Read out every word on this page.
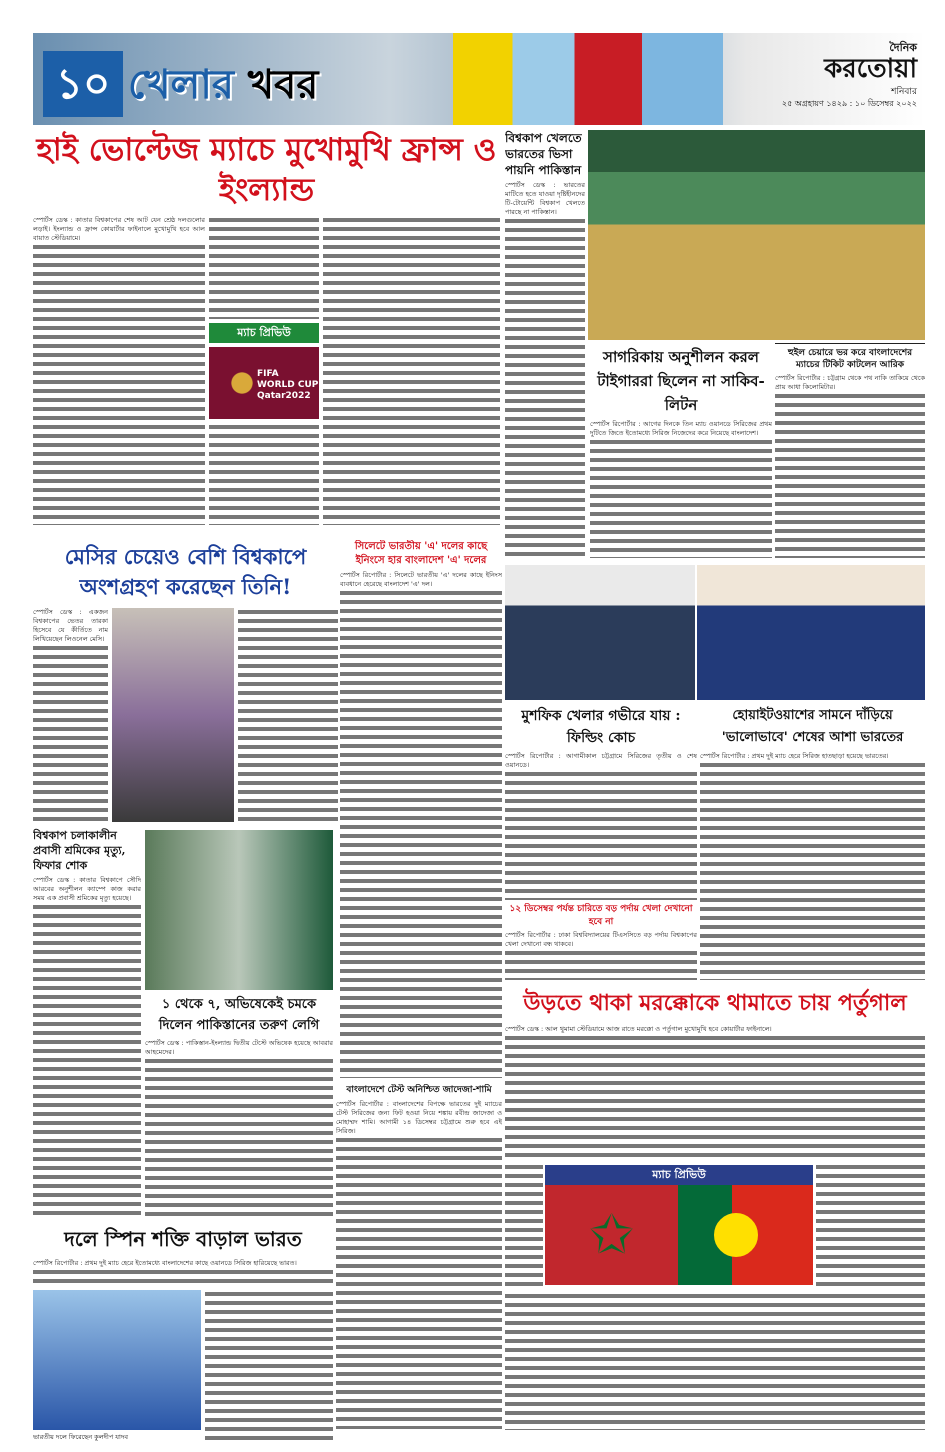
১০ খেলার খবর
দৈনিক
করতোয়া
শনিবার
২৫ অগ্রহায়ণ ১৪২৯ : ১০ ডিসেম্বর ২০২২
হাই ভোল্টেজ ম্যাচে মুখোমুখি ফ্রান্স ও ইংল্যান্ড
স্পোর্টস ডেস্ক : কাতার বিশ্বকাপের শেষ আট যেন শ্রেষ্ঠ দলগুলোর লড়াই। ইংল্যান্ড ও ফ্রান্স কোয়ার্টার ফাইনালে মুখোমুখি হবে আল বায়াত স্টেডিয়ামে।
ম্যাচ প্রিভিউ
FIFA WORLD CUP Qatar2022
বিশ্বকাপ খেলতে ভারতের ভিসা পায়নি পাকিস্তান
স্পোর্টস ডেস্ক : ভারতের মাটিতে হতে যাওয়া দৃষ্টিহীনদের টি-টোয়েন্টি বিশ্বকাপ খেলতে পারছে না পাকিস্তান।
সাগরিকায় অনুশীলন করল টাইগাররা ছিলেন না সাকিব-লিটন
স্পোর্টস রিপোর্টার : আগের দিনকে তিন ম্যাচ ওয়ানডে সিরিজের প্রথম দুটিতে জিতে ইতোমধ্যে সিরিজ নিজেদের করে নিয়েছে বাংলাদেশ।
হুইল চেয়ারে ভর করে বাংলাদেশের ম্যাচের টিকিট কাটলেন আরিক
স্পোর্টস রিপোর্টার : চট্টগ্রাম থেকে পথ নাকি তাকিয়ে থেকে প্রায় আধা কিলোমিটার।
মেসির চেয়েও বেশি বিশ্বকাপে অংশগ্রহণ করেছেন তিনি!
স্পোর্টস ডেস্ক : একজন বিশ্বকাপের ভেতর তারকা হিসেবে যে কীর্তিতে নাম লিখিয়েছেন লিওনেল মেসি।
সিলেটে ভারতীয় 'এ' দলের কাছে ইনিংসে হার বাংলাদেশ 'এ' দলের
স্পোর্টস রিপোর্টার : সিলেটে ভারতীয় 'এ' দলের কাছে ইনিংস ব্যবধানে হেরেছে বাংলাদেশ 'এ' দল।
মুশফিক খেলার গভীরে যায় : ফিল্ডিং কোচ
স্পোর্টস রিপোর্টার : আগামীকাল চট্টগ্রামে সিরিজের তৃতীয় ও শেষ ওয়ানডে।
হোয়াইটওয়াশের সামনে দাঁড়িয়ে 'ভালোভাবে' শেষের আশা ভারতের
স্পোর্টস রিপোর্টার : প্রথম দুই ম্যাচ হেরে সিরিজ হাতছাড়া হয়েছে ভারতের।
১২ ডিসেম্বর পর্যন্ত চারিতে বড় পর্দায় খেলা দেখানো হবে না
স্পোর্টস রিপোর্টার : ঢাকা বিশ্ববিদ্যালয়ের টিএসসিতে বড় পর্দায় বিশ্বকাপের খেলা দেখানো বন্ধ থাকবে।
বিশ্বকাপ চলাকালীন প্রবাসী শ্রমিকের মৃত্যু, ফিফার শোক
স্পোর্টস ডেস্ক : কাতার বিশ্বকাপে সৌদি আরবের অনুশীলন ক্যাম্পে কাজ করার সময় এক প্রবাসী শ্রমিকের মৃত্যু হয়েছে।
১ থেকে ৭, অভিষেকেই চমকে দিলেন পাকিস্তানের তরুণ লেগি
স্পোর্টস ডেস্ক : পাকিস্তান-ইংল্যান্ড দ্বিতীয় টেস্টে অভিষেক হয়েছে আবরার আহমেদের।
বাংলাদেশে টেস্ট অনিশ্চিত জাদেজা-শামি
স্পোর্টস রিপোর্টার : বাংলাদেশের বিপক্ষে ভারতের দুই ম্যাচের টেস্ট সিরিজের জন্য ফিট হওয়া নিয়ে শঙ্কায় রবীন্দ্র জাদেজা ও মোহাম্মদ শামি। আগামী ১৪ ডিসেম্বর চট্টগ্রামে শুরু হবে এই সিরিজ।
উড়তে থাকা মরক্কোকে থামাতে চায় পর্তুগাল
স্পোর্টস ডেস্ক : আল থুমামা স্টেডিয়ামে আজ রাতে মরক্কো ও পর্তুগাল মুখোমুখি হবে কোয়ার্টার ফাইনালে।
ম্যাচ প্রিভিউ
✩
দলে স্পিন শক্তি বাড়াল ভারত
স্পোর্টস রিপোর্টার : প্রথম দুই ম্যাচ হেরে ইতোমধ্যে বাংলাদেশের কাছে ওয়ানডে সিরিজ হারিয়েছে ভারত।
ভারতীয় দলে ফিরেছেন কুলদীপ যাদব
